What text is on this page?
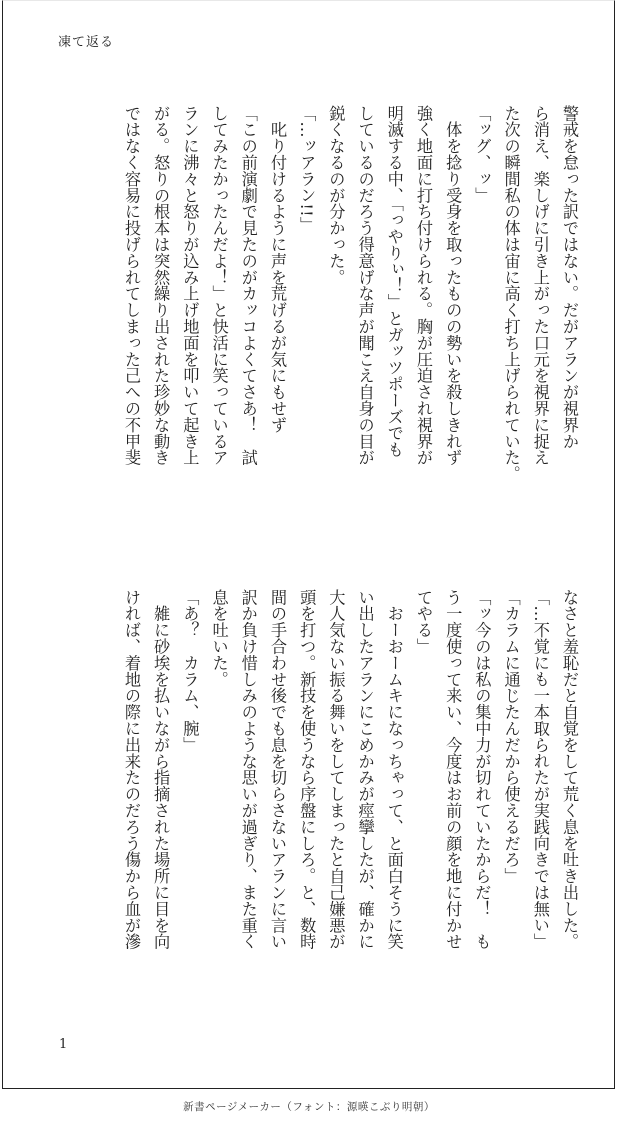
凍て返る
警戒を怠った訳ではない。だがアランが視界か
ら消え、楽しげに引き上がった口元を視界に捉え
た次の瞬間私の体は宙に高く打ち上げられていた。
「ッグ、ッ」
　体を捻り受身を取ったものの勢いを殺しきれず
強く地面に打ち付けられる。胸が圧迫され視界が
明滅する中、「っやりぃ！」とガッツポーズでも
しているのだろう得意げな声が聞こえ自身の目が
鋭くなるのが分かった。
「…ッアラン!!」
　叱り付けるように声を荒げるが気にもせず
「この前演劇で見たのがカッコよくてさあ！　試
してみたかったんだよ！」と快活に笑っているア
ランに沸々と怒りが込み上げ地面を叩いて起き上
がる。怒りの根本は突然繰り出された珍妙な動き
ではなく容易に投げられてしまった己への不甲斐
なさと羞恥だと自覚をして荒く息を吐き出した。
「…不覚にも一本取られたが実践向きでは無い」
「カラムに通じたんだから使えるだろ」
「ッ今のは私の集中力が切れていたからだ！　も
う一度使って来い、今度はお前の顔を地に付かせ
てやる」
　おーおームキになっちゃって、と面白そうに笑
い出したアランにこめかみが痙攣したが、確かに
大人気ない振る舞いをしてしまったと自己嫌悪が
頭を打つ。新技を使うなら序盤にしろ。と、数時
間の手合わせ後でも息を切らさないアランに言い
訳か負け惜しみのような思いが過ぎり、また重く
息を吐いた。
「あ？　カラム、腕」
　雑に砂埃を払いながら指摘された場所に目を向
ければ、着地の際に出来たのだろう傷から血が滲
1
新書ページメーカー（フォント：源暎こぶり明朝）
